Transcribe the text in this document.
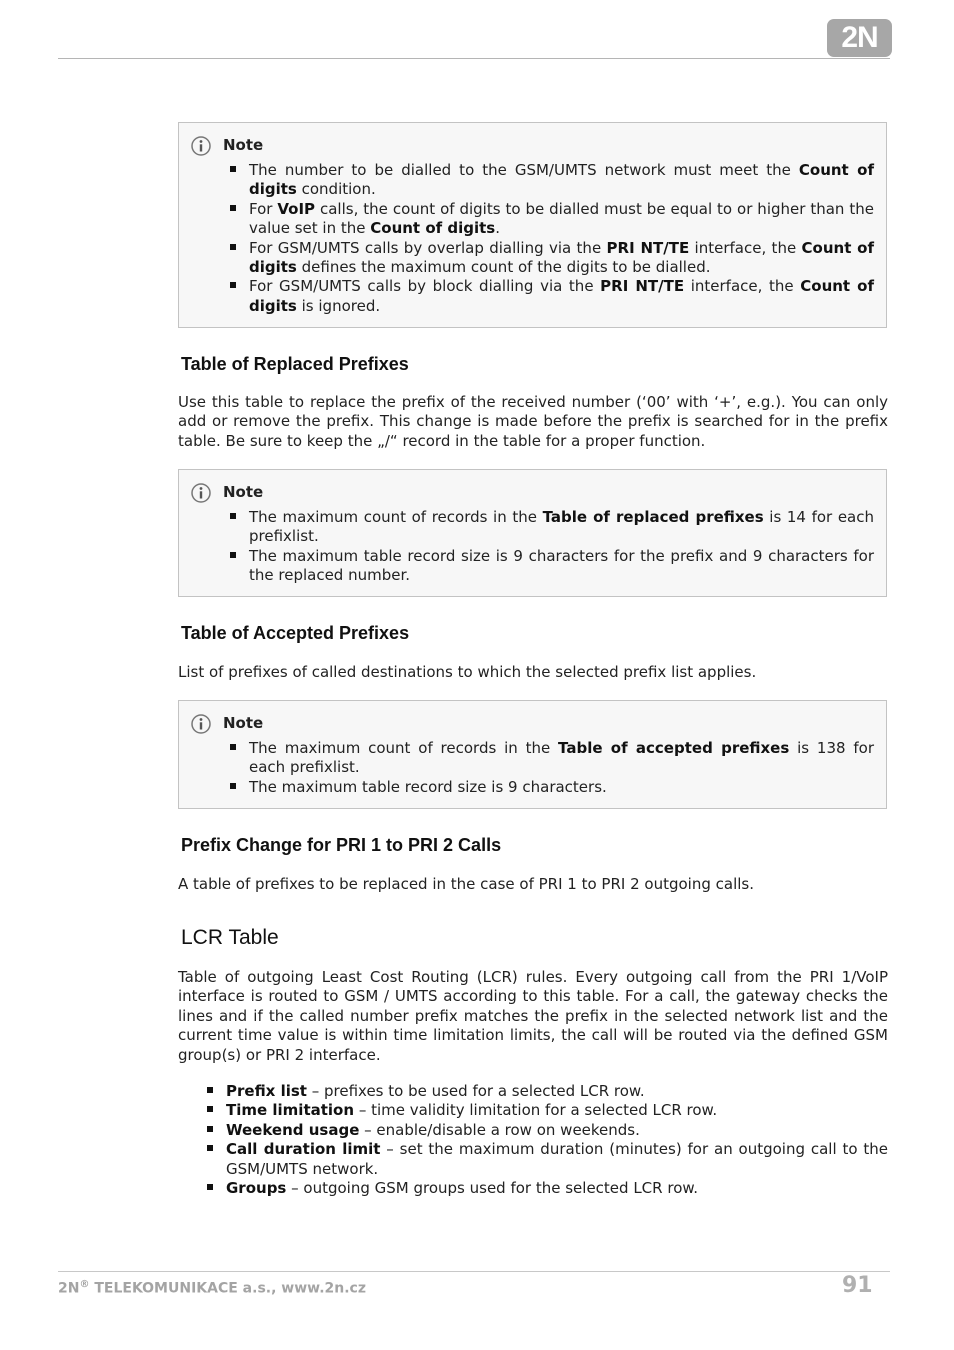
2N
Note
The number to be dialled to the GSM/UMTS network must meet the Count of digits condition.
For VoIP calls, the count of digits to be dialled must be equal to or higher than the value set in the Count of digits.
For GSM/UMTS calls by overlap dialling via the PRI NT/TE interface, the Count of digits defines the maximum count of the digits to be dialled.
For GSM/UMTS calls by block dialling via the PRI NT/TE interface, the Count of digits is ignored.
Table of Replaced Prefixes

Use this table to replace the prefix of the received number (‘00’ with ‘+’, e.g.). You can only add or remove the prefix. This change is made before the prefix is searched for in the prefix table. Be sure to keep the „/“ record in the table for a proper function.

Note
The maximum count of records in the Table of replaced prefixes is 14 for each prefixlist.
The maximum table record size is 9 characters for the prefix and 9 characters for the replaced number.
Table of Accepted Prefixes

List of prefixes of called destinations to which the selected prefix list applies.

Note
The maximum count of records in the Table of accepted prefixes is 138 for each prefixlist.
The maximum table record size is 9 characters.
Prefix Change for PRI 1 to PRI 2 Calls

A table of prefixes to be replaced in the case of PRI 1 to PRI 2 outgoing calls.

LCR Table

Table of outgoing Least Cost Routing (LCR) rules. Every outgoing call from the PRI 1/VoIP interface is routed to GSM / UMTS according to this table. For a call, the gateway checks the lines and if the called number prefix matches the prefix in the selected network list and the current time value is within time limitation limits, the call will be routed via the defined GSM group(s) or PRI 2 interface.

Prefix list – prefixes to be used for a selected LCR row.
Time limitation – time validity limitation for a selected LCR row.
Weekend usage – enable/disable a row on weekends.
Call duration limit – set the maximum duration (minutes) for an outgoing call to the GSM/UMTS network.
Groups – outgoing GSM groups used for the selected LCR row.
2N® TELEKOMUNIKACE a.s., www.2n.cz	91
